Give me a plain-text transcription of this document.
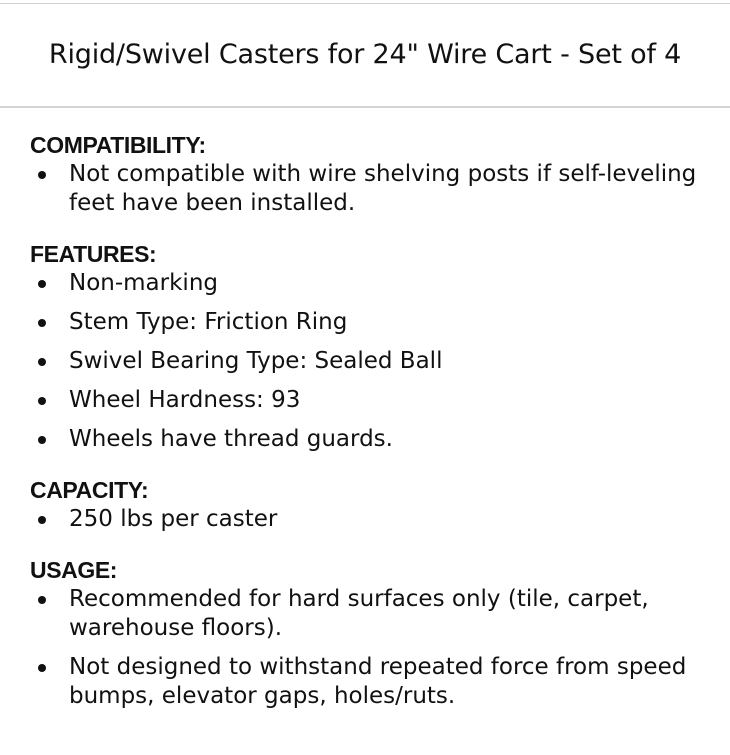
Rigid/Swivel Casters for 24" Wire Cart - Set of 4
COMPATIBILITY:
Not compatible with wire shelving posts if self-leveling feet have been installed.
FEATURES:
Non-marking
Stem Type: Friction Ring
Swivel Bearing Type: Sealed Ball
Wheel Hardness: 93
Wheels have thread guards.
CAPACITY:
250 lbs per caster
USAGE:
Recommended for hard surfaces only (tile, carpet, warehouse floors).
Not designed to withstand repeated force from speed bumps, elevator gaps, holes/ruts.
